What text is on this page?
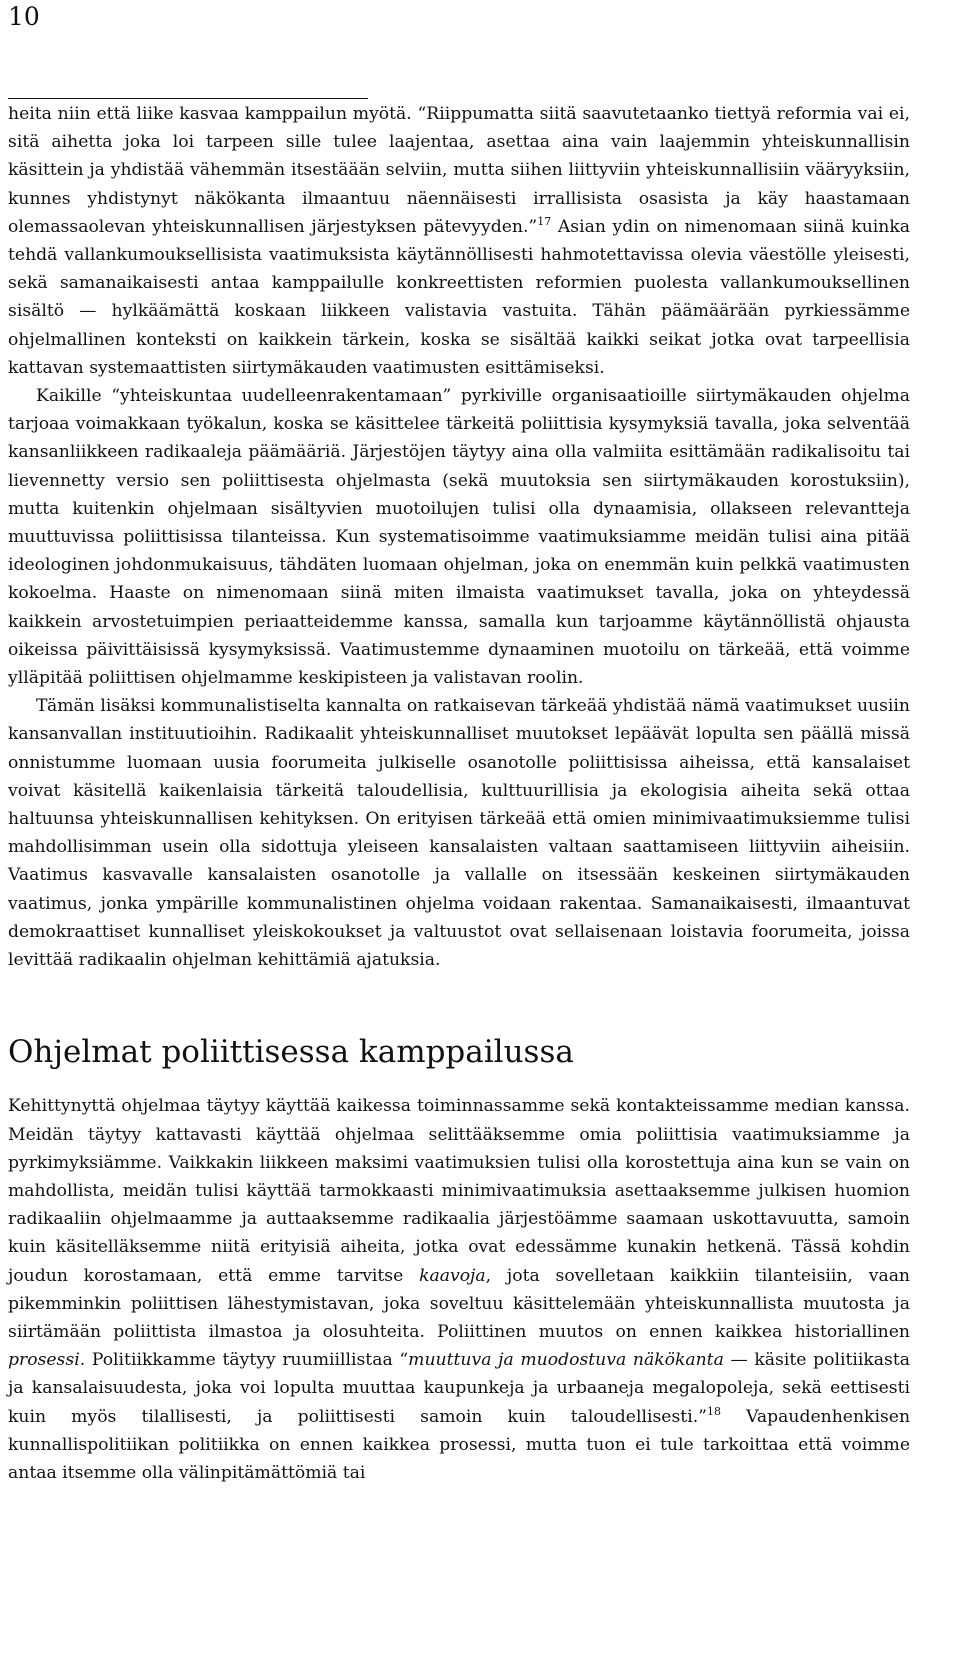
10

heita niin että liike kasvaa kamppailun myötä. “Riippumatta siitä saavutetaanko tiettyä reformia vai ei, sitä aihetta joka loi tarpeen sille tulee laajentaa, asettaa aina vain laajemmin yhteiskunnallisin käsittein ja yhdistää vähemmän itsestäään selviin, mutta siihen liittyviin yhteiskunnallisiin vääryyksiin, kunnes yhdistynyt näkökanta ilmaantuu näennäisesti irrallisista osasista ja käy haastamaan olemassaolevan yhteiskunnallisen järjestyksen pätevyyden.”$^{17}$ Asian ydin on nimenomaan siinä kuinka tehdä vallankumouksellisista vaatimuksista käytännöllisesti hahmotettavissa olevia väestölle yleisesti, sekä samanaikaisesti antaa kamppailulle konkreettisten reformien puolesta vallankumouksellinen sisältö — hylkäämättä koskaan liikkeen valistavia vastuita. Tähän päämäärään pyrkiessämme ohjelmallinen konteksti on kaikkein tärkein, koska se sisältää kaikki seikat jotka ovat tarpeellisia kattavan systemaattisten siirtymäkauden vaatimusten esittämiseksi.

Kaikille “yhteiskuntaa uudelleenrakentamaan” pyrkiville organisaatioille siirtymäkauden ohjelma tarjoaa voimakkaan työkalun, koska se käsittelee tärkeitä poliittisia kysymyksiä tavalla, joka selventää kansanliikkeen radikaaleja päämääriä. Järjestöjen täytyy aina olla valmiita esittämään radikalisoitu tai lievennetty versio sen poliittisesta ohjelmasta (sekä muutoksia sen siirtymäkauden korostuksiin), mutta kuitenkin ohjelmaan sisältyvien muotoilujen tulisi olla dynaamisia, ollakseen relevantteja muuttuvissa poliittisissa tilanteissa. Kun systematisoimme vaatimuksiamme meidän tulisi aina pitää ideologinen johdonmukaisuus, tähdäten luomaan ohjelman, joka on enemmän kuin pelkkä vaatimusten kokoelma. Haaste on nimenomaan siinä miten ilmaista vaatimukset tavalla, joka on yhteydessä kaikkein arvostetuimpien periaatteidemme kanssa, samalla kun tarjoamme käytännöllistä ohjausta oikeissa päivittäisissä kysymyksissä. Vaatimustemme dynaaminen muotoilu on tärkeää, että voimme ylläpitää poliittisen ohjelmamme keskipisteen ja valistavan roolin.

Tämän lisäksi kommunalistiselta kannalta on ratkaisevan tärkeää yhdistää nämä vaatimukset uusiin kansanvallan instituutioihin. Radikaalit yhteiskunnalliset muutokset lepäävät lopulta sen päällä missä onnistumme luomaan uusia foorumeita julkiselle osanotolle poliittisissa aiheissa, että kansalaiset voivat käsitellä kaikenlaisia tärkeitä taloudellisia, kulttuurillisia ja ekologisia aiheita sekä ottaa haltuunsa yhteiskunnallisen kehityksen. On erityisen tärkeää että omien minimivaatimuksiemme tulisi mahdollisimman usein olla sidottuja yleiseen kansalaisten valtaan saattamiseen liittyviin aiheisiin. Vaatimus kasvavalle kansalaisten osanotolle ja vallalle on itsessään keskeinen siirtymäkauden vaatimus, jonka ympärille kommunalistinen ohjelma voidaan rakentaa. Samanaikaisesti, ilmaantuvat demokraattiset kunnalliset yleiskokoukset ja valtuustot ovat sellaisenaan loistavia foorumeita, joissa levittää radikaalin ohjelman kehittämiä ajatuksia.

Ohjelmat poliittisessa kamppailussa

Kehittynyttä ohjelmaa täytyy käyttää kaikessa toiminnassamme sekä kontakteissamme median kanssa. Meidän täytyy kattavasti käyttää ohjelmaa selittääksemme omia poliittisia vaatimuksiamme ja pyrkimyksiämme. Vaikkakin liikkeen maksimi vaatimuksien tulisi olla korostettuja aina kun se vain on mahdollista, meidän tulisi käyttää tarmokkaasti minimivaatimuksia asettaaksemme julkisen huomion radikaaliin ohjelmaamme ja auttaaksemme radikaalia järjestöämme saamaan uskottavuutta, samoin kuin käsitelläksemme niitä erityisiä aiheita, jotka ovat edessämme kunakin hetkenä. Tässä kohdin joudun korostamaan, että emme tarvitse kaavoja, jota sovelletaan kaikkiin tilanteisiin, vaan pikemminkin poliittisen lähestymistavan, joka soveltuu käsittelemään yhteiskunnallista muutosta ja siirtämään poliittista ilmastoa ja olosuhteita. Poliittinen muutos on ennen kaikkea historiallinen prosessi. Politiikkamme täytyy ruumiillistaa “muuttuva ja muodostuva näkökanta — käsite politiikasta ja kansalaisuudesta, joka voi lopulta muuttaa kaupunkeja ja urbaaneja megalopoleja, sekä eettisesti kuin myös tilallisesti, ja poliittisesti samoin kuin taloudellisesti.”$^{18}$ Vapaudenhenkisen kunnallispolitiikan politiikka on ennen kaikkea prosessi, mutta tuon ei tule tarkoittaa että voimme antaa itsemme olla välinpitämättömiä tai
